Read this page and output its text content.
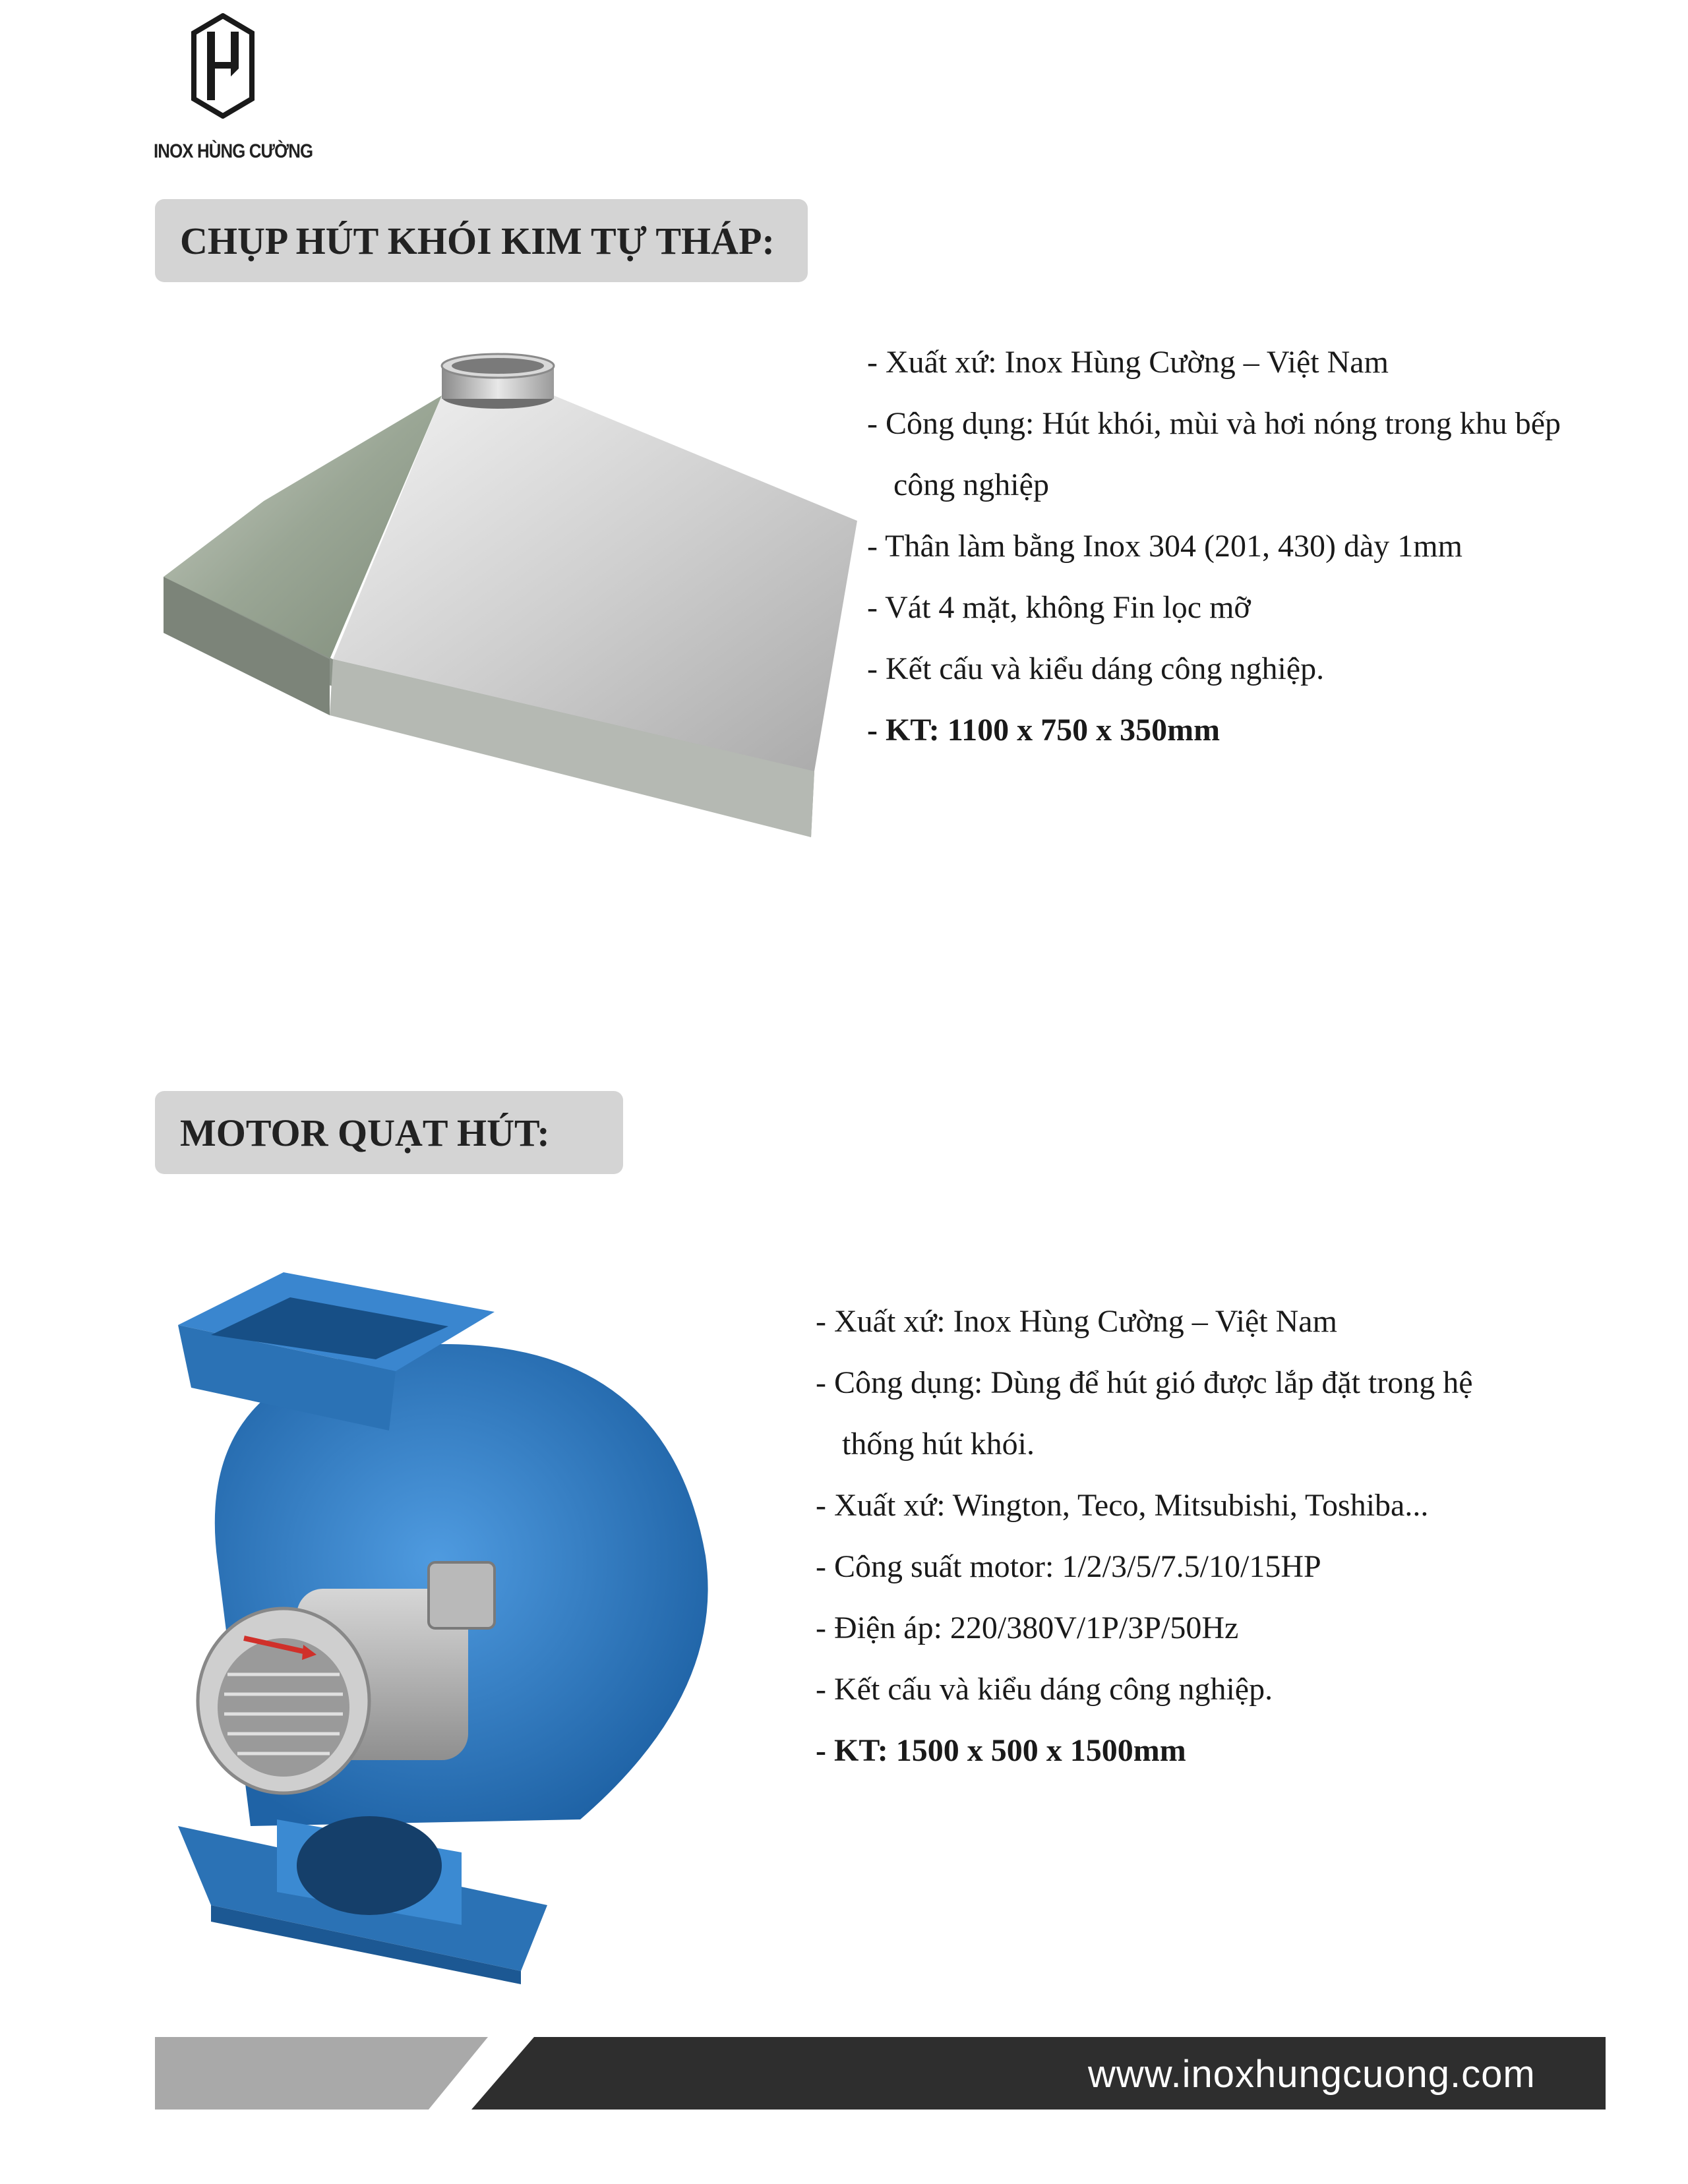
INOX HÙNG CƯỜNG
CHỤP HÚT KHÓI KIM TỰ THÁP:
- Xuất xứ: Inox Hùng Cường – Việt Nam
- Công dụng: Hút khói, mùi và hơi nóng trong khu bếp
công nghiệp
- Thân làm bằng Inox 304 (201, 430) dày 1mm
- Vát 4 mặt, không Fin lọc mỡ
- Kết cấu và kiểu dáng công nghiệp.
- KT: 1100 x 750 x 350mm
MOTOR QUẠT HÚT:
- Xuất xứ: Inox Hùng Cường – Việt Nam
- Công dụng: Dùng để hút gió được lắp đặt trong hệ
thống hút khói.
- Xuất xứ: Wington, Teco, Mitsubishi, Toshiba...
- Công suất motor: 1/2/3/5/7.5/10/15HP
- Điện áp: 220/380V/1P/3P/50Hz
- Kết cấu và kiểu dáng công nghiệp.
- KT: 1500 x 500 x 1500mm
www.inoxhungcuong.com
